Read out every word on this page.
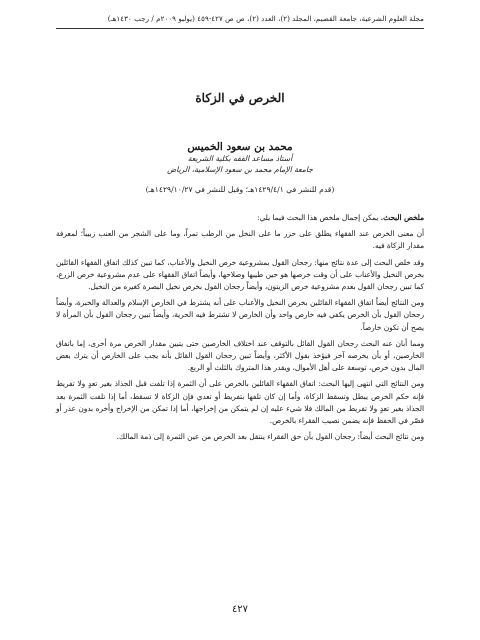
مجلة العلوم الشرعية، جامعة القصيم، المجلد (٢)، العدد (٢)، ص ص ٤٢٧-٤٥٩ (يوليو ٢٠٠٩م / رجب ١٤٣٠هـ)
الخرص في الزكاة
محمد بن سعود الخميس
أستاذ مساعد الفقه بكلية الشريعة
جامعة الإمام محمد بن سعود الإسلامية، الرياض
(قدم للنشر في ١٤٢٩/٤/١هـ؛ وقبل للنشر في ١٤٢٩/١٠/٢٧هـ)

ملخص البحث. يمكن إجمال ملخص هذا البحث فيما يلي:

أن معنى الخرص عند الفقهاء يطلق على حزر ما على النخل من الرطب تمراً، وما على الشجر من العنب زبيباً؛ لمعرفة مقدار الزكاة فيه.

وقد خلص البحث إلى عدة نتائج منها: رجحان القول بمشروعية خرص النخيل والأعناب، كما تبين كذلك اتفاق الفقهاء القائلين بخرص النخيل والأعناب على أن وقت خرصها هو حين طيبها وصلاحها، وأيضاً اتفاق الفقهاء على عدم مشروعية خرص الزرع، كما تبين رجحان القول بعدم مشروعية خرص الزيتون، وأيضاً رجحان القول بخرص نخيل البصرة كغيره من النخيل.

ومن النتائج أيضاً اتفاق الفقهاء القائلين بخرص النخيل والأعناب على أنه يشترط في الخارص الإسلام والعدالة والخبرة، وأيضاً رجحان القول بأن الخرص يكفي فيه خارص واحد وأن الخارص لا تشترط فيه الحرية، وأيضاً تبين رجحان القول بأن المرأة لا يصح أن تكون خارصاً.

ومما أبان عنه البحث رجحان القول القائل بالتوقف عند اختلاف الخارصين حتى يتبين مقدار الخرص مرة أخرى، إما باتفاق الخارصين، أو بأن يخرصه آخر فيؤخذ بقول الأكثر، وأيضاً تبين رجحان القول القائل بأنه يجب على الخارص أن يترك بعض المال بدون خرص، توسعة على أهل الأموال، ويقدر هذا المتروك بالثلث أو الربع.

ومن النتائج التي انتهى إليها البحث: اتفاق الفقهاء القائلين بالخرص على أن الثمرة إذا تلفت قبل الجذاذ بغير تعدٍ ولا تفريط فإنه حكم الخرص يبطل وتسقط الزكاة، وأما إن كان تلفها بتفريط أو تعدي فإن الزكاة لا تسقط، أما إذا تلفت الثمرة بعد الجذاذ بغير تعدٍ ولا تفريط من المالك فلا شيء عليه إن لم يتمكن من إخراجها، أما إذا تمكن من الإخراج وأخره بدون عذر أو قصّر في الحفظ فإنه يضمن نصيب الفقراء بالخرص.

ومن نتائج البحث أيضاً: رجحان القول بأن حق الفقراء ينتقل بعد الخرص من عين الثمرة إلى ذمة المالك.

٤٢٧
